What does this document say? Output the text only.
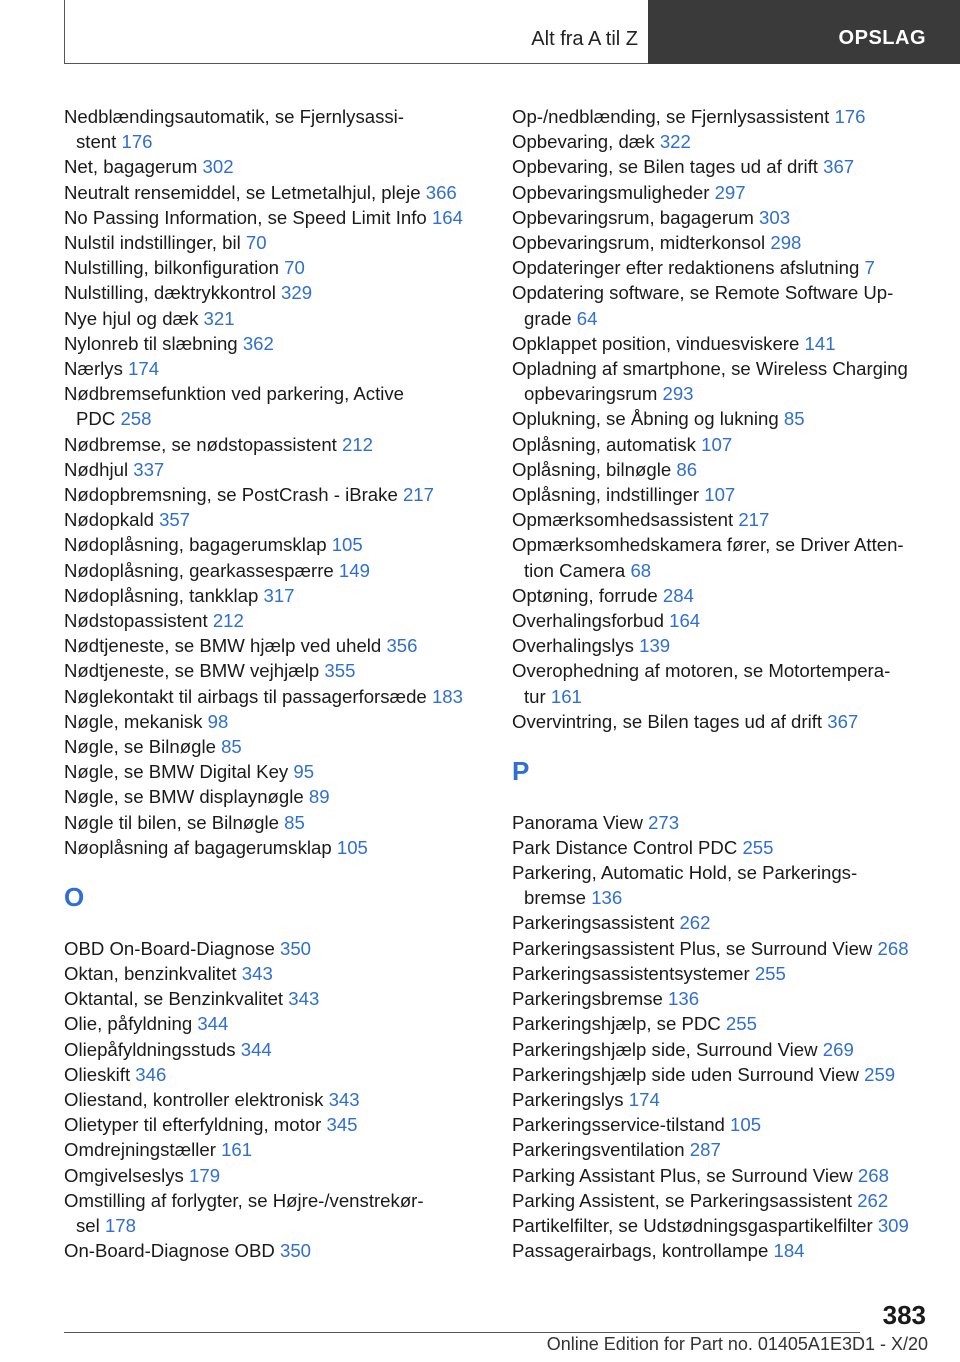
Alt fra A til Z	OPSLAG
Nedblændingsautomatik, se Fjernlysassi-
stent 176
Net, bagagerum 302
Neutralt rensemiddel, se Letmetalhjul, pleje 366
No Passing Information, se Speed Limit Info 164
Nulstil indstillinger, bil 70
Nulstilling, bilkonfiguration 70
Nulstilling, dæktrykkontrol 329
Nye hjul og dæk 321
Nylonreb til slæbning 362
Nærlys 174
Nødbremsefunktion ved parkering, Active
PDC 258
Nødbremse, se nødstopassistent 212
Nødhjul 337
Nødopbremsning, se PostCrash - iBrake 217
Nødopkald 357
Nødoplåsning, bagagerumsklap 105
Nødoplåsning, gearkassespærre 149
Nødoplåsning, tankklap 317
Nødstopassistent 212
Nødtjeneste, se BMW hjælp ved uheld 356
Nødtjeneste, se BMW vejhjælp 355
Nøglekontakt til airbags til passagerforsæde 183
Nøgle, mekanisk 98
Nøgle, se Bilnøgle 85
Nøgle, se BMW Digital Key 95
Nøgle, se BMW displaynøgle 89
Nøgle til bilen, se Bilnøgle 85
Nøoplåsning af bagagerumsklap 105
O
OBD On-Board-Diagnose 350
Oktan, benzinkvalitet 343
Oktantal, se Benzinkvalitet 343
Olie, påfyldning 344
Oliepåfyldningsstuds 344
Olieskift 346
Oliestand, kontroller elektronisk 343
Olietyper til efterfyldning, motor 345
Omdrejningstæller 161
Omgivelseslys 179
Omstilling af forlygter, se Højre-/venstrekør-
sel 178
On-Board-Diagnose OBD 350
Op-/nedblænding, se Fjernlysassistent 176
Opbevaring, dæk 322
Opbevaring, se Bilen tages ud af drift 367
Opbevaringsmuligheder 297
Opbevaringsrum, bagagerum 303
Opbevaringsrum, midterkonsol 298
Opdateringer efter redaktionens afslutning 7
Opdatering software, se Remote Software Up-
grade 64
Opklappet position, vinduesviskere 141
Opladning af smartphone, se Wireless Charging
opbevaringsrum 293
Oplukning, se Åbning og lukning 85
Oplåsning, automatisk 107
Oplåsning, bilnøgle 86
Oplåsning, indstillinger 107
Opmærksomhedsassistent 217
Opmærksomhedskamera fører, se Driver Atten-
tion Camera 68
Optøning, forrude 284
Overhalingsforbud 164
Overhalingslys 139
Overophedning af motoren, se Motortempera-
tur 161
Overvintring, se Bilen tages ud af drift 367
P
Panorama View 273
Park Distance Control PDC 255
Parkering, Automatic Hold, se Parkerings-
bremse 136
Parkeringsassistent 262
Parkeringsassistent Plus, se Surround View 268
Parkeringsassistentsystemer 255
Parkeringsbremse 136
Parkeringshjælp, se PDC 255
Parkeringshjælp side, Surround View 269
Parkeringshjælp side uden Surround View 259
Parkeringslys 174
Parkeringsservice-tilstand 105
Parkeringsventilation 287
Parking Assistant Plus, se Surround View 268
Parking Assistent, se Parkeringsassistent 262
Partikelfilter, se Udstødningsgaspartikelfilter 309
Passagerairbags, kontrollampe 184
383
Online Edition for Part no. 01405A1E3D1 - X/20
